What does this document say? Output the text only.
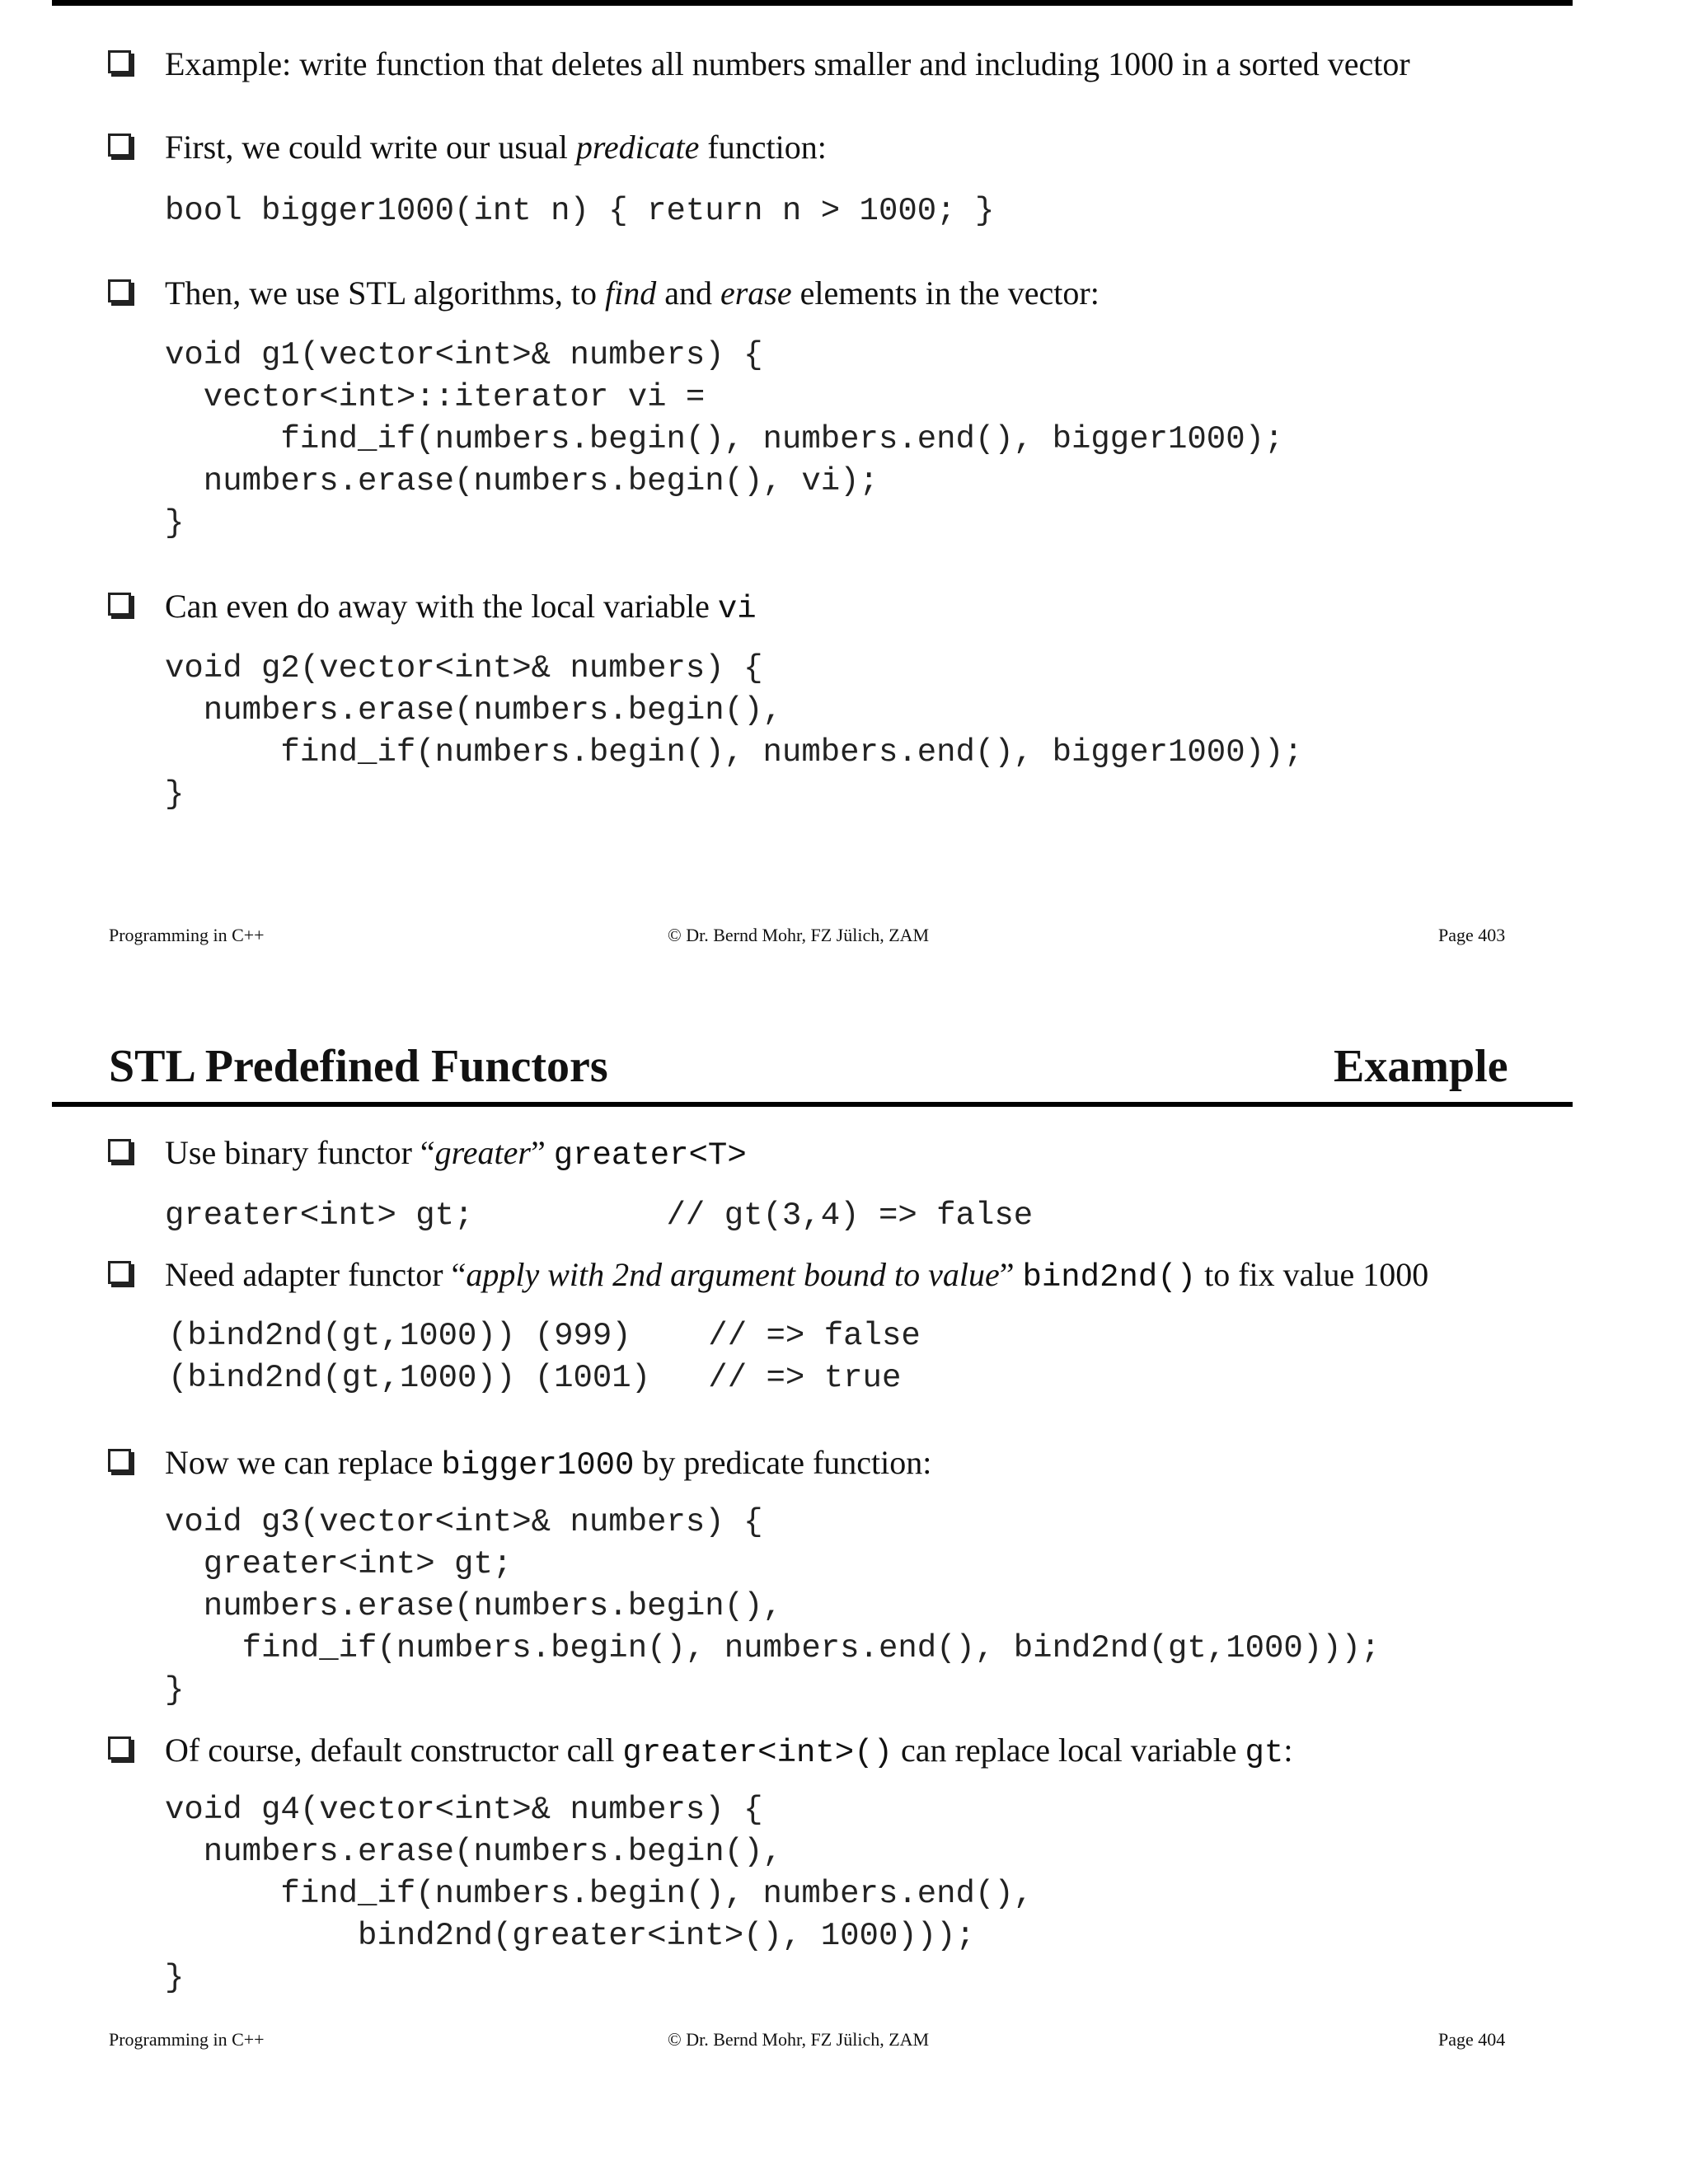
Example: write function that deletes all numbers smaller and including 1000 in a sorted vector
First, we could write our usual predicate function:
bool bigger1000(int n) { return n > 1000; }
Then, we use STL algorithms, to find and erase elements in the vector:
void g1(vector<int>& numbers) {
vector<int>::iterator vi =
find_if(numbers.begin(), numbers.end(), bigger1000);
numbers.erase(numbers.begin(), vi);
}
Can even do away with the local variable vi
void g2(vector<int>& numbers) {
numbers.erase(numbers.begin(),
find_if(numbers.begin(), numbers.end(), bigger1000));
}
Programming in C++	© Dr. Bernd Mohr, FZ Jülich, ZAM	Page 403
STL Predefined Functors	Example
Use binary functor “greater” greater<T>
greater<int> gt;          // gt(3,4) => false
Need adapter functor “apply with 2nd argument bound to value” bind2nd() to fix value 1000
(bind2nd(gt,1000)) (999)    // => false
(bind2nd(gt,1000)) (1001)   // => true
Now we can replace bigger1000 by predicate function:
void g3(vector<int>& numbers) {
greater<int> gt;
numbers.erase(numbers.begin(),
find_if(numbers.begin(), numbers.end(), bind2nd(gt,1000)));
}
Of course, default constructor call greater<int>() can replace local variable gt:
void g4(vector<int>& numbers) {
numbers.erase(numbers.begin(),
find_if(numbers.begin(), numbers.end(),
bind2nd(greater<int>(), 1000)));
}
Programming in C++	© Dr. Bernd Mohr, FZ Jülich, ZAM	Page 404
